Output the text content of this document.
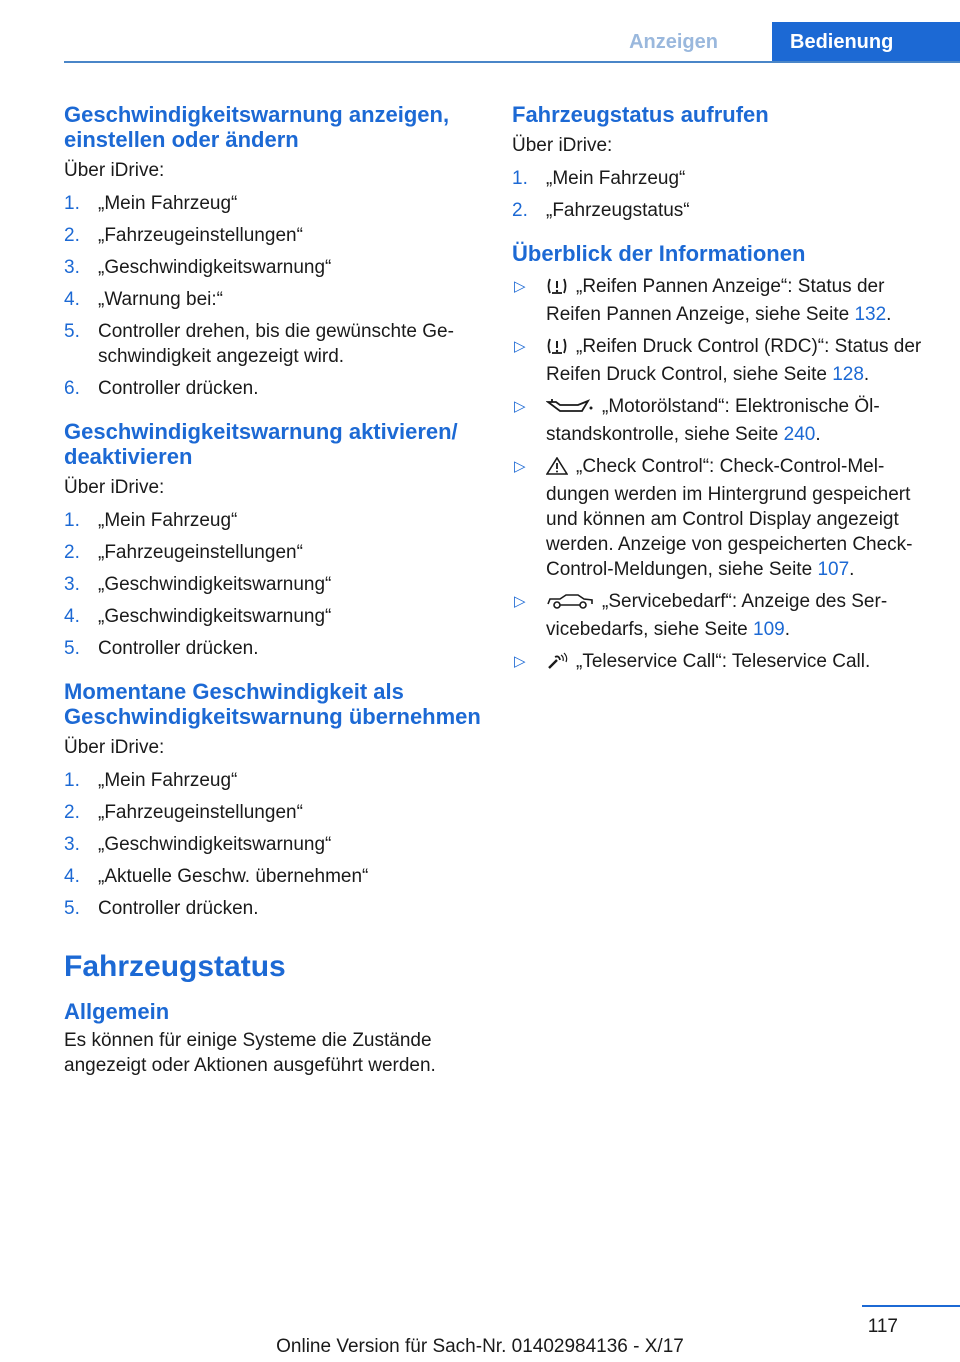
Anzeigen	Bedienung
Geschwindigkeitswarnung anzeigen, einstellen oder ändern

Über iDrive:

1. „Mein Fahrzeug“
2. „Fahrzeugeinstellungen“
3. „Geschwindigkeitswarnung“
4. „Warnung bei:“
5. Controller drehen, bis die gewünschte Geschwindigkeit angezeigt wird.
6. Controller drücken.
Geschwindigkeitswarnung aktivieren/ deaktivieren

Über iDrive:

1. „Mein Fahrzeug“
2. „Fahrzeugeinstellungen“
3. „Geschwindigkeitswarnung“
4. „Geschwindigkeitswarnung“
5. Controller drücken.
Momentane Geschwindigkeit als Geschwindigkeitswarnung übernehmen

Über iDrive:

1. „Mein Fahrzeug“
2. „Fahrzeugeinstellungen“
3. „Geschwindigkeitswarnung“
4. „Aktuelle Geschw. übernehmen“
5. Controller drücken.
Fahrzeugstatus
Allgemein

Es können für einige Systeme die Zustände angezeigt oder Aktionen ausgeführt werden.

Fahrzeugstatus aufrufen

Über iDrive:

1. „Mein Fahrzeug“
2. „Fahrzeugstatus“
Überblick der Informationen
▷	„Reifen Pannen Anzeige“: Status der Reifen Pannen Anzeige, siehe Seite 132.
▷	„Reifen Druck Control (RDC)“: Status der Reifen Druck Control, siehe Seite 128.
▷	„Motorölstand“: Elektronische Ölstandskontrolle, siehe Seite 240.
▷	„Check Control“: Check-Control-Meldungen werden im Hintergrund gespeichert und können am Control Display angezeigt werden. Anzeige von gespeicherten Check-Control-Meldungen, siehe Seite 107.
▷	„Servicebedarf“: Anzeige des Servicebedarfs, siehe Seite 109.
▷	„Teleservice Call“: Teleservice Call.
117
Online Version für Sach-Nr. 01402984136 - X/17
